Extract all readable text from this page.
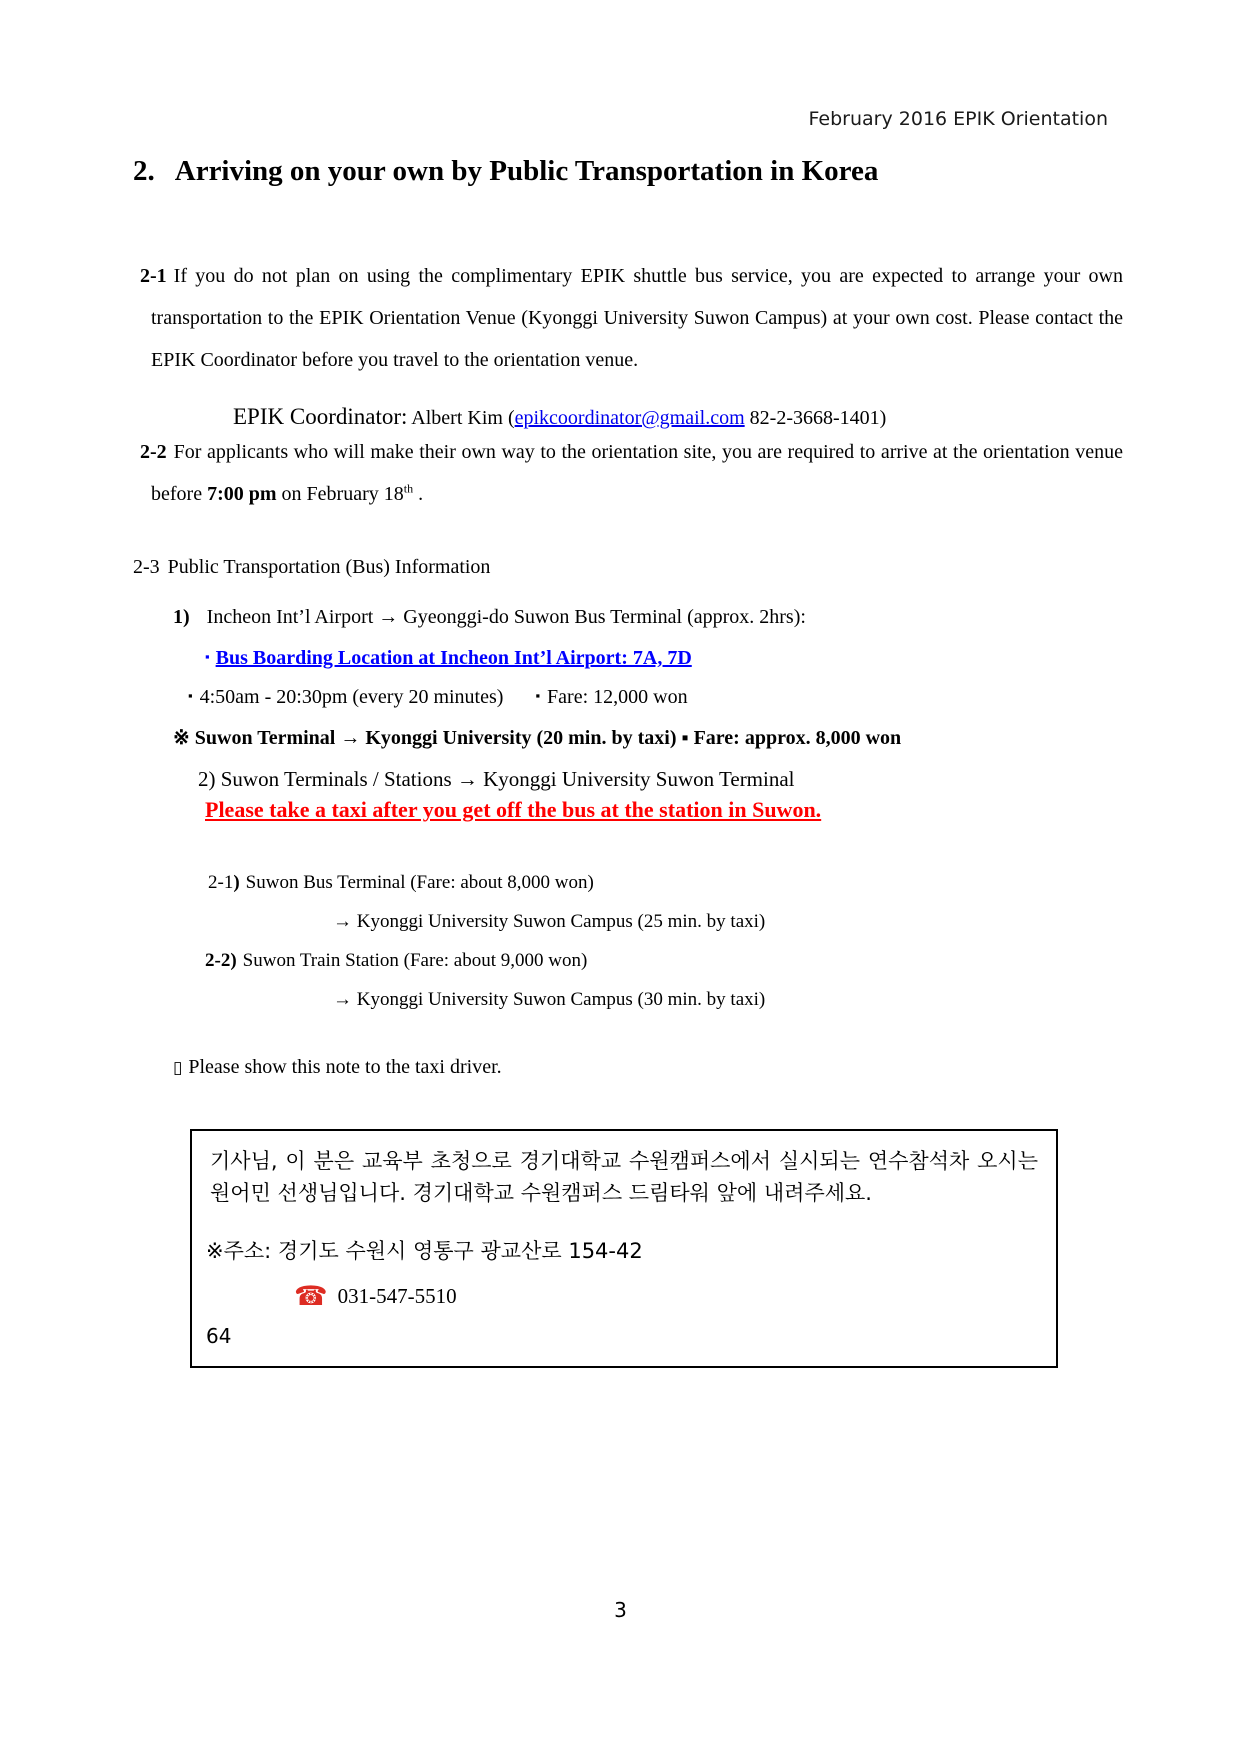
February 2016 EPIK Orientation
2. Arriving on your own by Public Transportation in Korea
2-1 If you do not plan on using the complimentary EPIK shuttle bus service, you are expected to arrange your own transportation to the EPIK Orientation Venue (Kyonggi University Suwon Campus) at your own cost. Please contact the EPIK Coordinator before you travel to the orientation venue.
EPIK Coordinator: Albert Kim (epikcoordinator@gmail.com 82-2-3668-1401)
2-2 For applicants who will make their own way to the orientation site, you are required to arrive at the orientation venue before 7:00 pm on February 18th .
2-3 Public Transportation (Bus) Information
1) Incheon Int’l Airport → Gyeonggi-do Suwon Bus Terminal (approx. 2hrs):
▪ Bus Boarding Location at Incheon Int’l Airport: 7A, 7D
▪ 4:50am - 20:30pm (every 20 minutes) ▪ Fare: 12,000 won
※ Suwon Terminal → Kyonggi University (20 min. by taxi) ▪ Fare: approx. 8,000 won
2) Suwon Terminals / Stations → Kyonggi University Suwon Terminal
Please take a taxi after you get off the bus at the station in Suwon.
2-1) Suwon Bus Terminal (Fare: about 8,000 won)
→ Kyonggi University Suwon Campus (25 min. by taxi)
2-2) Suwon Train Station (Fare: about 9,000 won)
→ Kyonggi University Suwon Campus (30 min. by taxi)
▯ Please show this note to the taxi driver.

기사님, 이 분은 교육부 초청으로 경기대학교 수원캠퍼스에서 실시되는 연수참석차 오시는 원어민 선생님입니다. 경기대학교 수원캠퍼스 드림타워 앞에 내려주세요.

※주소: 경기도 수원시 영통구 광교산로 154-42

☎ 031-547-5510

64

3
